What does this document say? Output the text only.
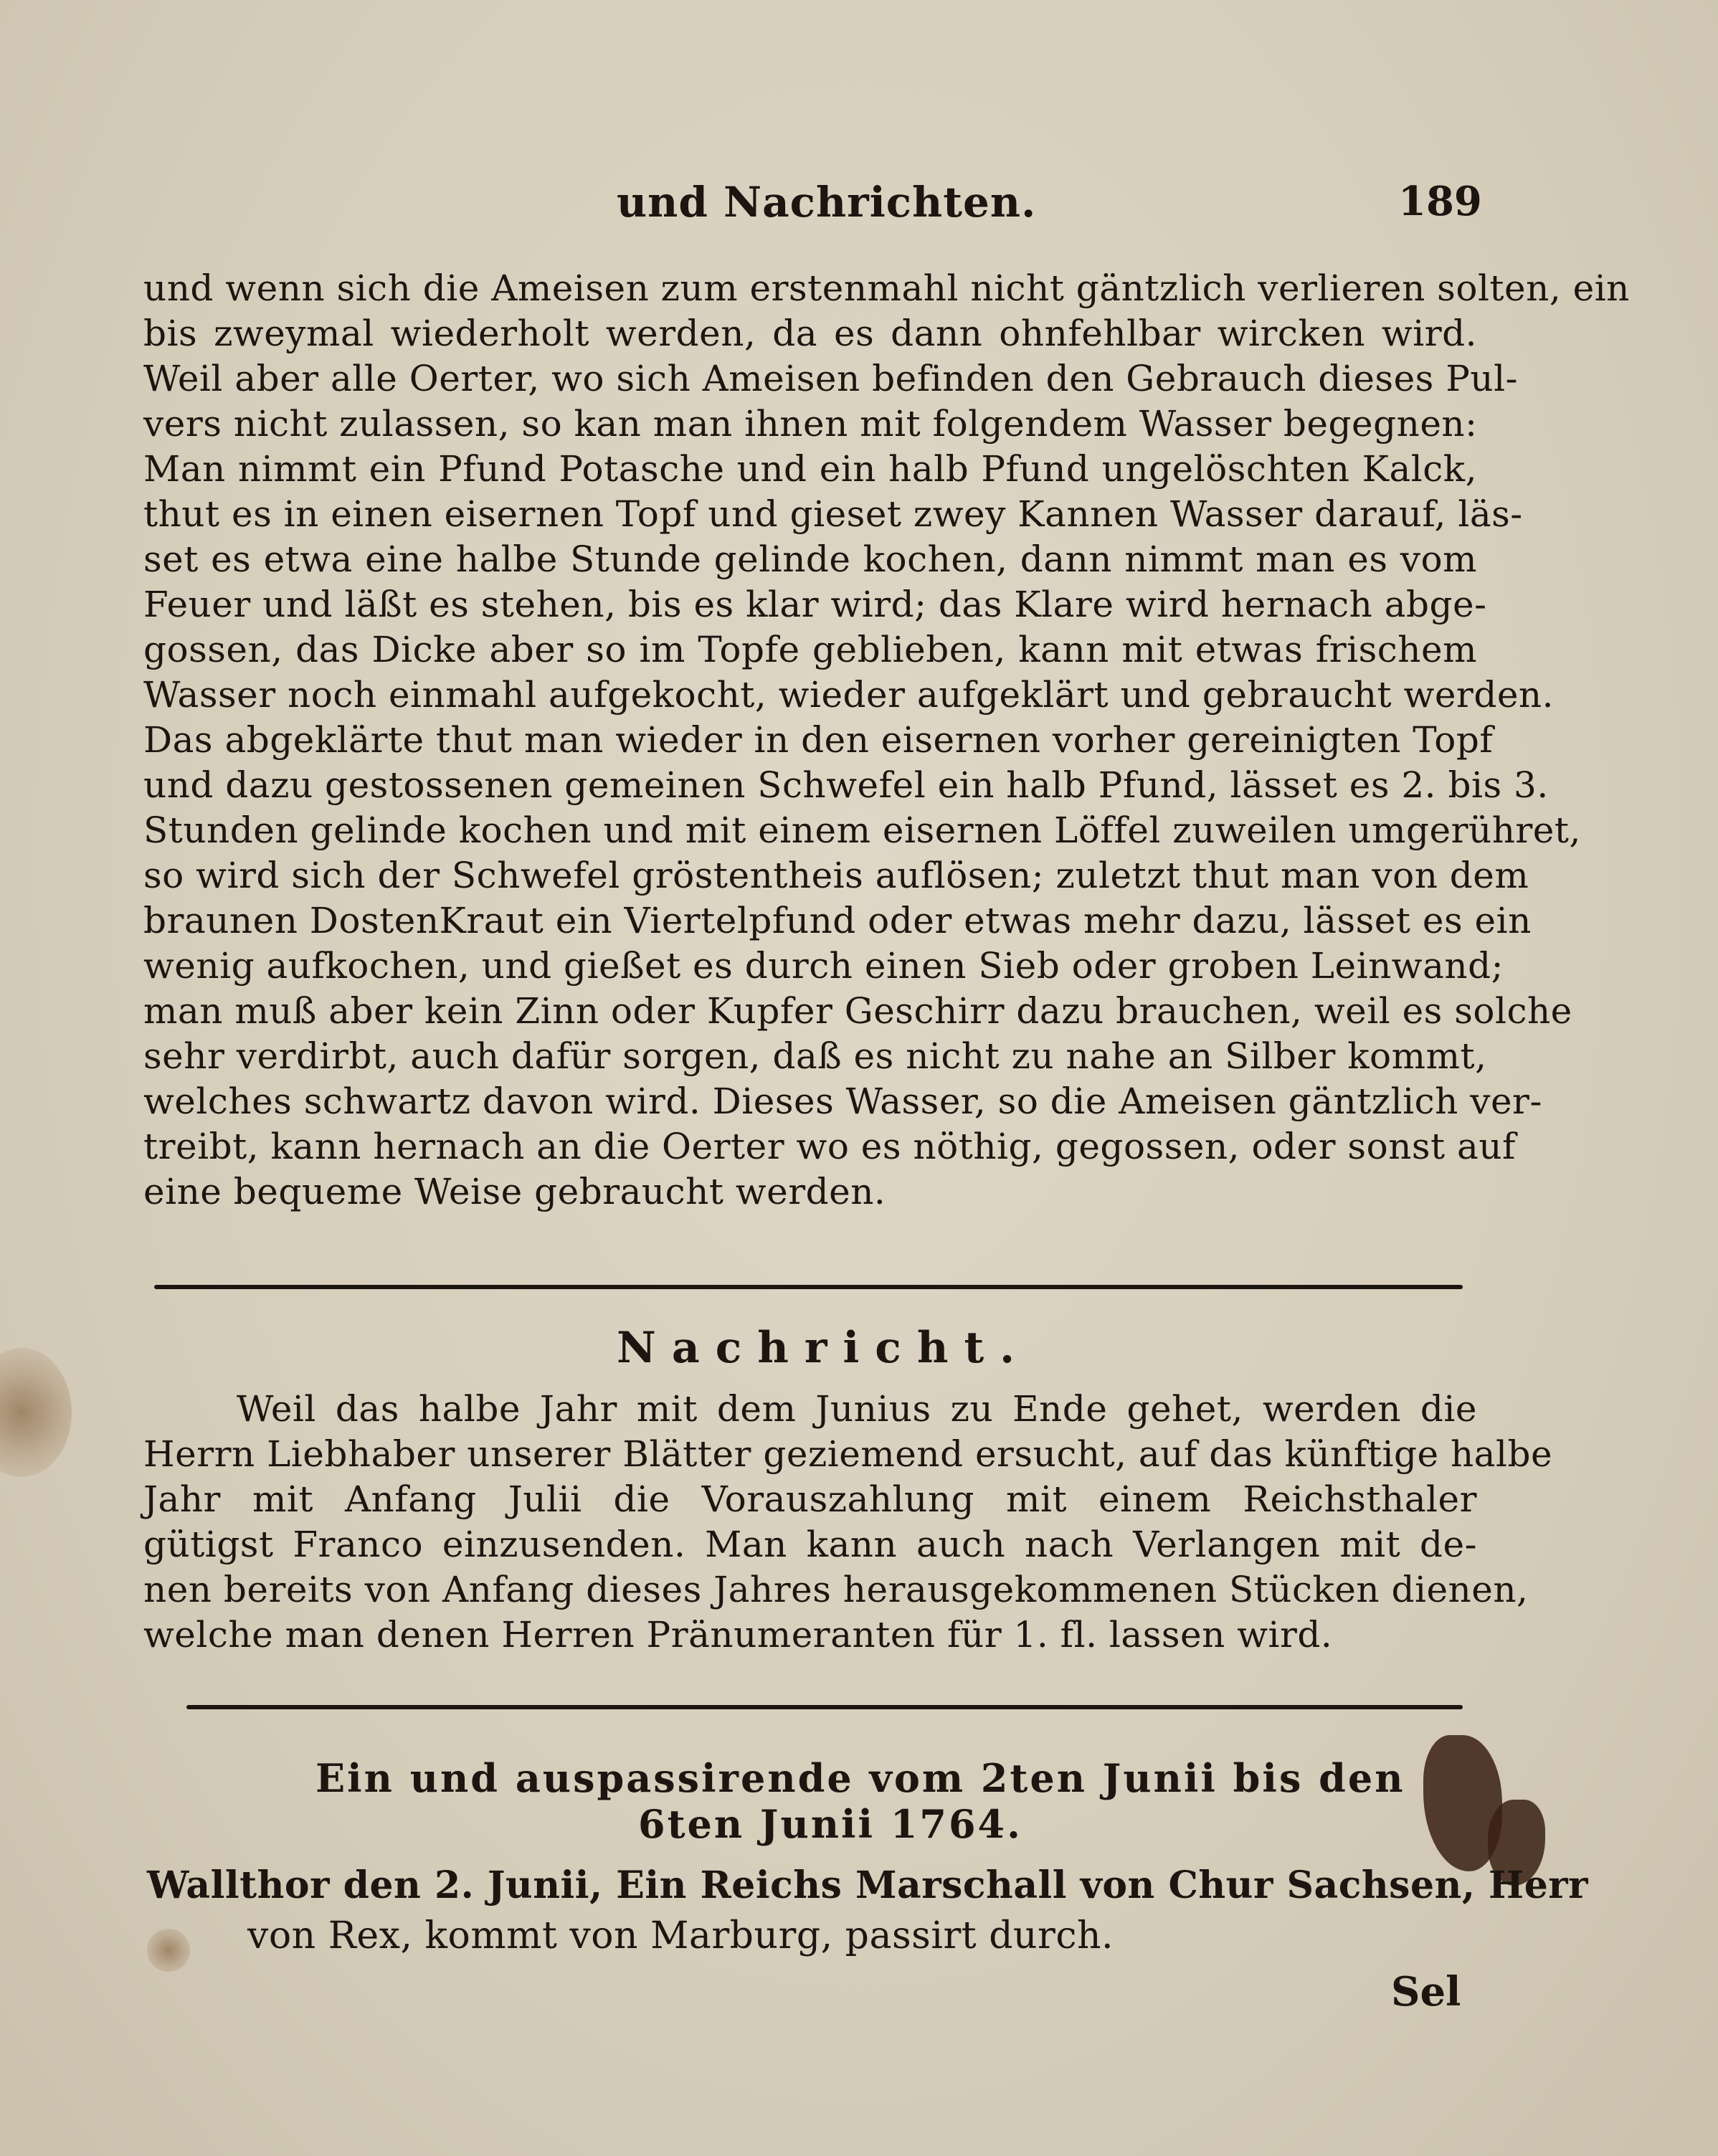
und Nachrichten.	189
und wenn sich die Ameisen zum erstenmahl nicht gäntzlich verlieren solten, ein
bis zweymal wiederholt werden, da es dann ohnfehlbar wircken wird.
Weil aber alle Oerter, wo sich Ameisen befinden den Gebrauch dieses Pul-
vers nicht zulassen, so kan man ihnen mit folgendem Wasser begegnen:
Man nimmt ein Pfund Potasche und ein halb Pfund ungelöschten Kalck,
thut es in einen eisernen Topf und gieset zwey Kannen Wasser darauf, läs-
set es etwa eine halbe Stunde gelinde kochen, dann nimmt man es vom
Feuer und läßt es stehen, bis es klar wird; das Klare wird hernach abge-
gossen, das Dicke aber so im Topfe geblieben, kann mit etwas frischem
Wasser noch einmahl aufgekocht, wieder aufgeklärt und gebraucht werden.
Das abgeklärte thut man wieder in den eisernen vorher gereinigten Topf
und dazu gestossenen gemeinen Schwefel ein halb Pfund, lässet es 2. bis 3.
Stunden gelinde kochen und mit einem eisernen Löffel zuweilen umgerühret,
so wird sich der Schwefel gröstentheis auflösen; zuletzt thut man von dem
braunen DostenKraut ein Viertelpfund oder etwas mehr dazu, lässet es ein
wenig aufkochen, und gießet es durch einen Sieb oder groben Leinwand;
man muß aber kein Zinn oder Kupfer Geschirr dazu brauchen, weil es solche
sehr verdirbt, auch dafür sorgen, daß es nicht zu nahe an Silber kommt,
welches schwartz davon wird. Dieses Wasser, so die Ameisen gäntzlich ver-
treibt, kann hernach an die Oerter wo es nöthig, gegossen, oder sonst auf
eine bequeme Weise gebraucht werden.
Nachricht.
Weil das halbe Jahr mit dem Junius zu Ende gehet, werden die
Herrn Liebhaber unserer Blätter geziemend ersucht, auf das künftige halbe
Jahr mit Anfang Julii die Vorauszahlung mit einem Reichsthaler
gütigst Franco einzusenden. Man kann auch nach Verlangen mit de-
nen bereits von Anfang dieses Jahres herausgekommenen Stücken dienen,
welche man denen Herren Pränumeranten für 1. fl. lassen wird.
Ein und auspassirende vom 2ten Junii bis den
6ten Junii 1764.
Wallthor den 2. Junii, Ein Reichs Marschall von Chur Sachsen, Herr
von Rex, kommt von Marburg, passirt durch.
Sel
